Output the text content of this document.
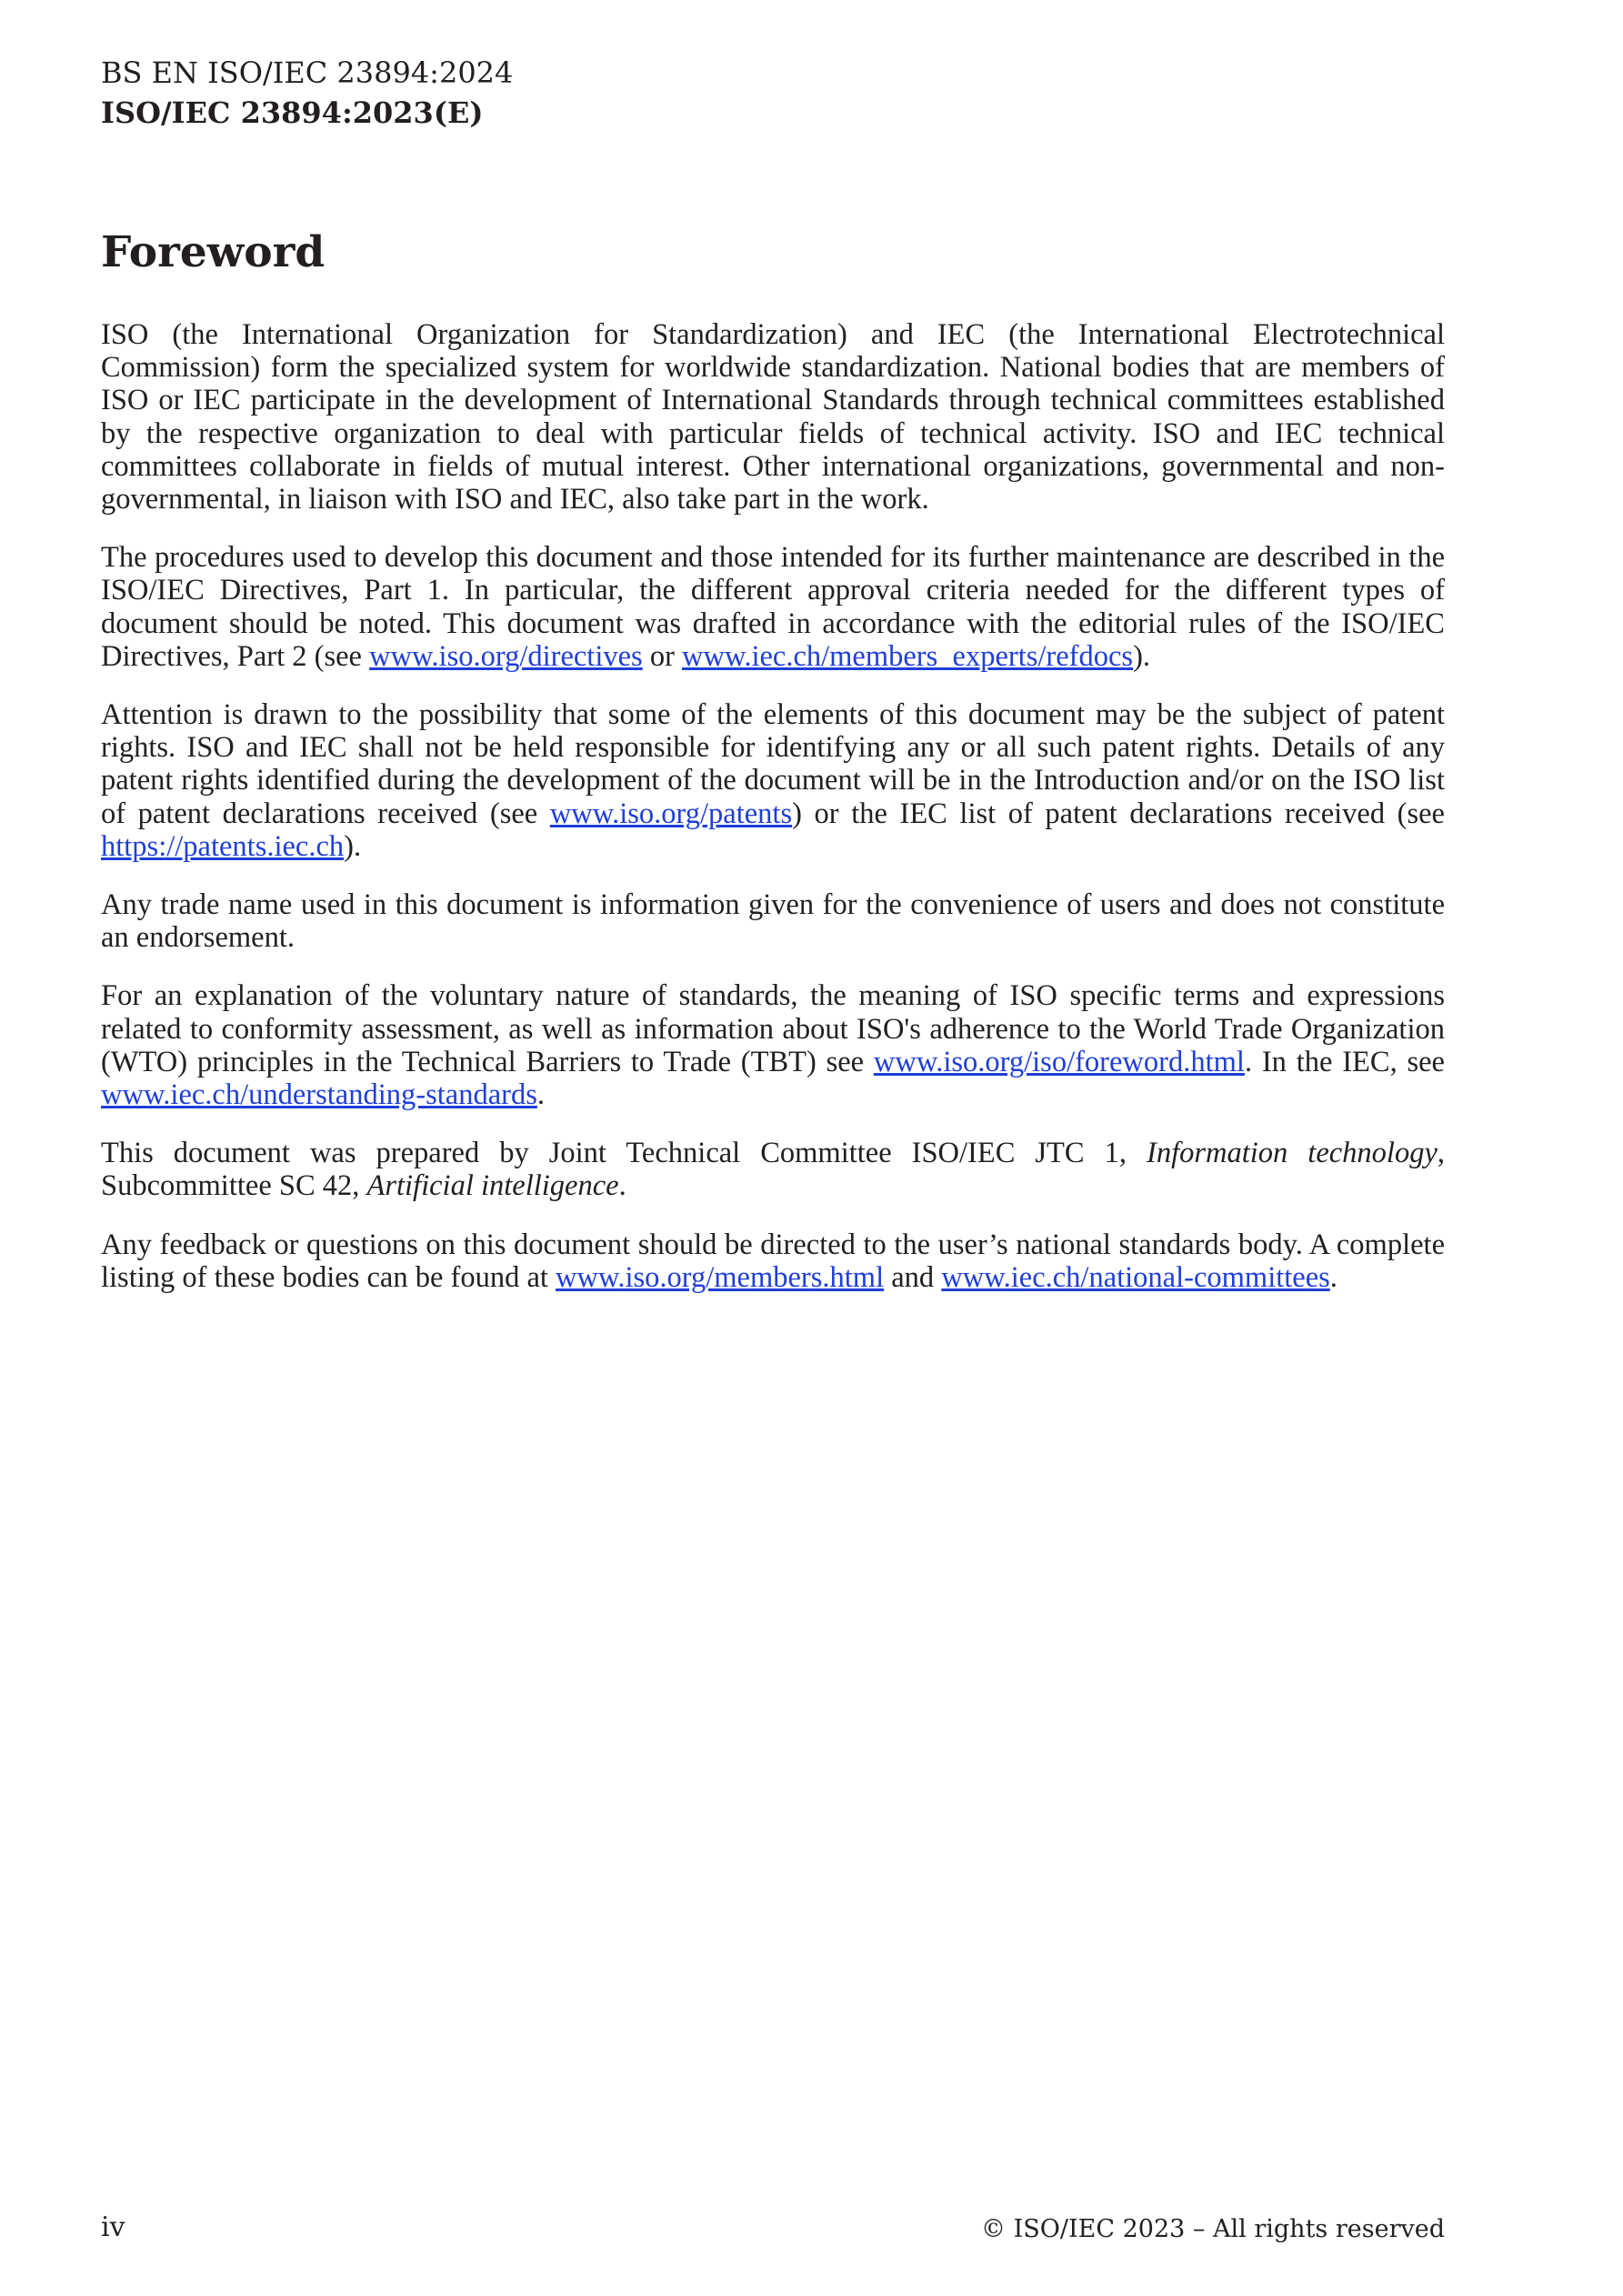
BS EN ISO/IEC 23894:2024
ISO/IEC 23894:2023(E)
Foreword

ISO (the International Organization for Standardization) and IEC (the International Electrotechnical Commission) form the specialized system for worldwide standardization. National bodies that are members of ISO or IEC participate in the development of International Standards through technical committees established by the respective organization to deal with particular fields of technical activity. ISO and IEC technical committees collaborate in fields of mutual interest. Other international organizations, governmental and non-governmental, in liaison with ISO and IEC, also take part in the work.

The procedures used to develop this document and those intended for its further maintenance are described in the ISO/IEC Directives, Part 1. In particular, the different approval criteria needed for the different types of document should be noted. This document was drafted in accordance with the editorial rules of the ISO/IEC Directives, Part 2 (see www.iso.org/directives or www.iec.ch/members_experts/refdocs).

Attention is drawn to the possibility that some of the elements of this document may be the subject of patent rights. ISO and IEC shall not be held responsible for identifying any or all such patent rights. Details of any patent rights identified during the development of the document will be in the Introduction and/or on the ISO list of patent declarations received (see www.iso.org/patents) or the IEC list of patent declarations received (see https://patents.iec.ch).

Any trade name used in this document is information given for the convenience of users and does not constitute an endorsement.

For an explanation of the voluntary nature of standards, the meaning of ISO specific terms and expressions related to conformity assessment, as well as information about ISO's adherence to the World Trade Organization (WTO) principles in the Technical Barriers to Trade (TBT) see www.iso.org/iso/foreword.html. In the IEC, see www.iec.ch/understanding-standards.

This document was prepared by Joint Technical Committee ISO/IEC JTC 1, Information technology, Subcommittee SC 42, Artificial intelligence.

Any feedback or questions on this document should be directed to the user’s national standards body. A complete listing of these bodies can be found at www.iso.org/members.html and www.iec.ch/national-committees.

iv	© ISO/IEC 2023 – All rights reserved
